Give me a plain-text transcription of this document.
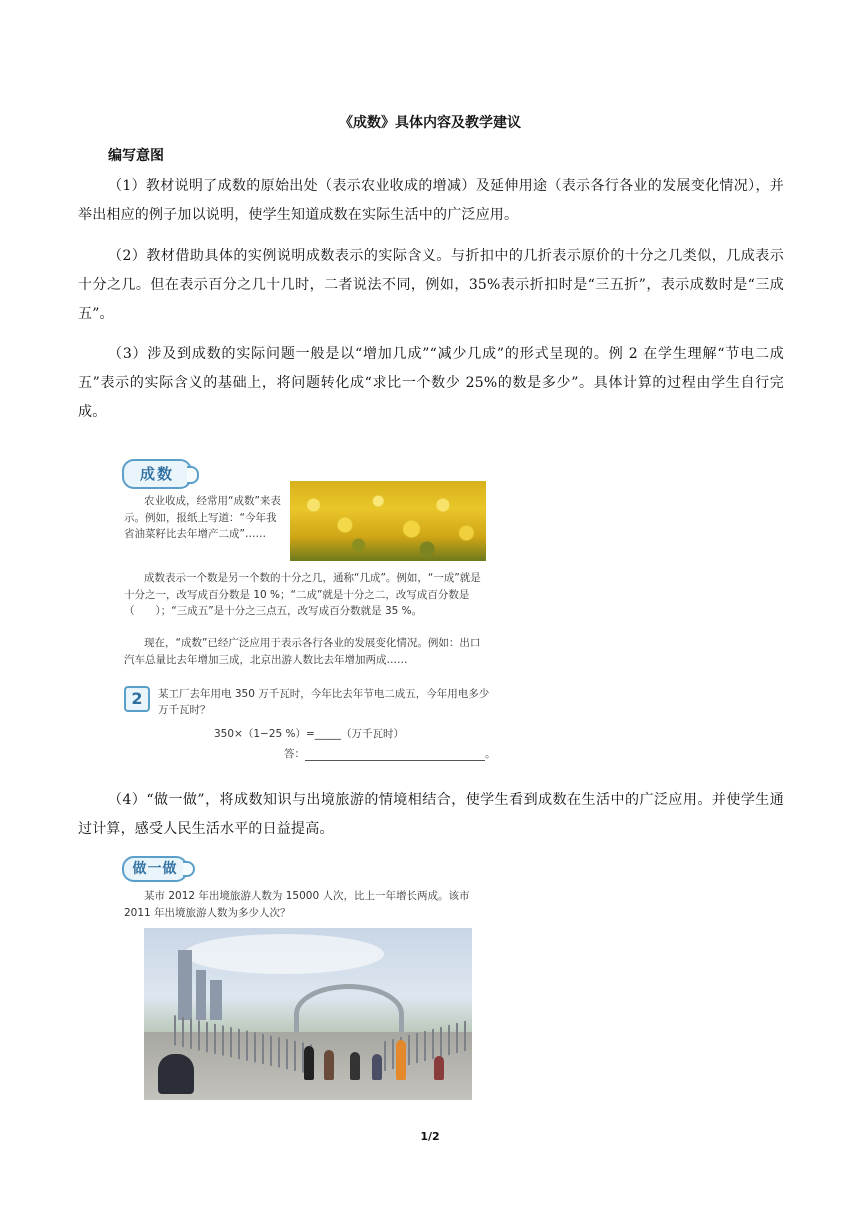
《成数》具体内容及教学建议
编写意图

（1）教材说明了成数的原始出处（表示农业收成的增减）及延伸用途（表示各行各业的发展变化情况），并举出相应的例子加以说明，使学生知道成数在实际生活中的广泛应用。

（2）教材借助具体的实例说明成数表示的实际含义。与折扣中的几折表示原价的十分之几类似，几成表示十分之几。但在表示百分之几十几时，二者说法不同，例如，35%表示折扣时是“三五折”，表示成数时是“三成五”。

（3）涉及到成数的实际问题一般是以“增加几成”“减少几成”的形式呈现的。例 2 在学生理解“节电二成五”表示的实际含义的基础上，将问题转化成“求比一个数少 25%的数是多少”。具体计算的过程由学生自行完成。

成数
农业收成，经常用“成数”来表示。例如，报纸上写道：“今年我省油菜籽比去年增产二成”……
成数表示一个数是另一个数的十分之几，通称“几成”。例如，“一成”就是十分之一，改写成百分数是 10 %；“二成”就是十分之二，改写成百分数是（　　）；“三成五”是十分之三点五，改写成百分数就是 35 %。
现在，“成数”已经广泛应用于表示各行各业的发展变化情况。例如：出口汽车总量比去年增加三成，北京出游人数比去年增加两成……
2	某工厂去年用电 350 万千瓦时，今年比去年节电二成五，今年用电多少万千瓦时？
350×（1−25 %）=_____（万千瓦时）
答：	。

（4）“做一做”，将成数知识与出境旅游的情境相结合，使学生看到成数在生活中的广泛应用。并使学生通过计算，感受人民生活水平的日益提高。

做一做
某市 2012 年出境旅游人数为 15000 人次，比上一年增长两成。该市 2011 年出境旅游人数为多少人次？
1/2
